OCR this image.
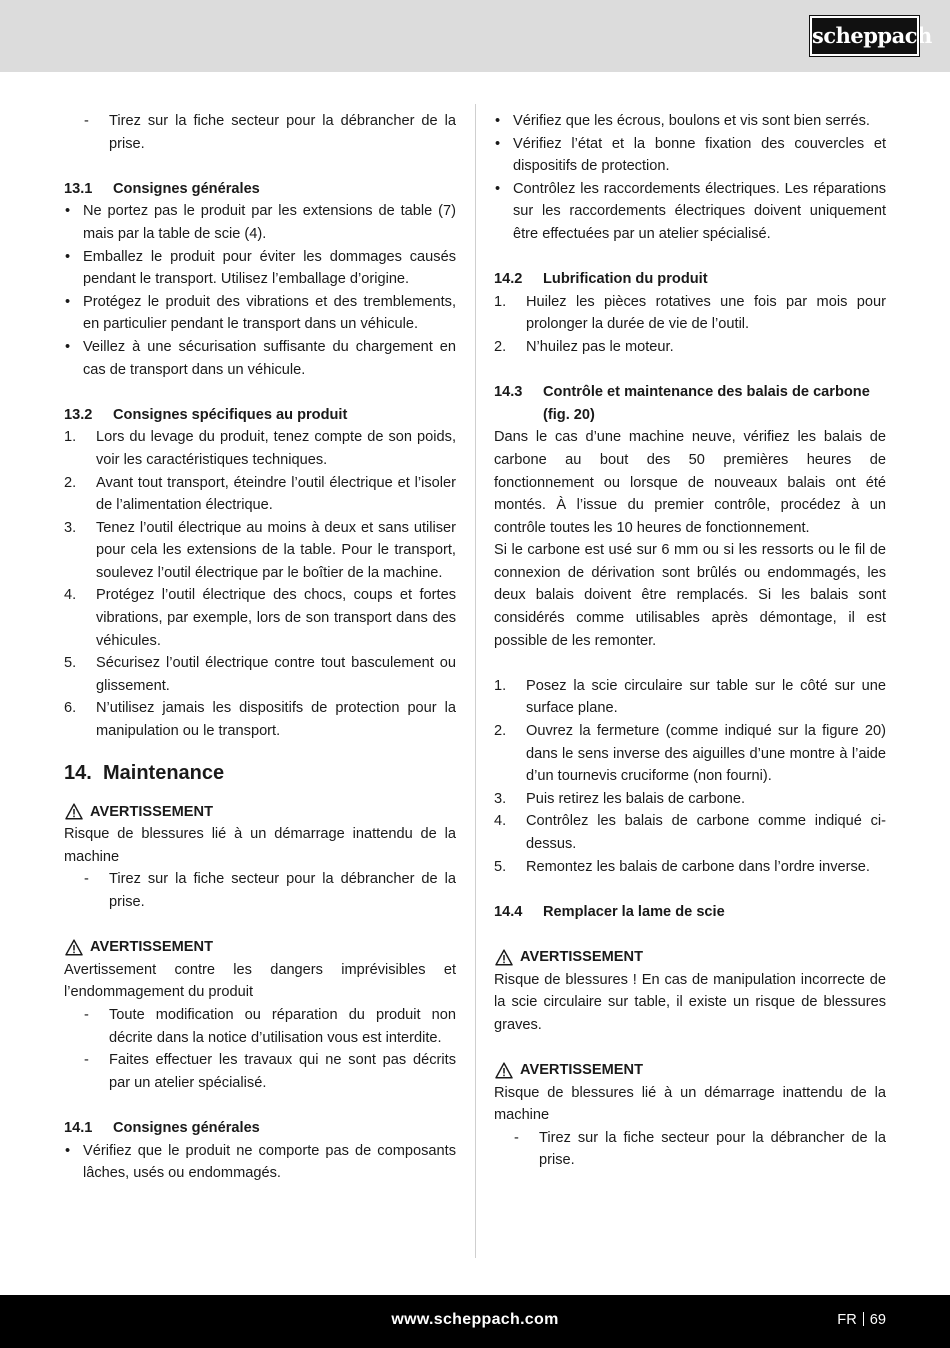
scheppach
- Tirez sur la fiche secteur pour la débrancher de la prise.
13.1	Consignes générales
• Ne portez pas le produit par les extensions de table (7) mais par la table de scie (4).
• Emballez le produit pour éviter les dommages causés pendant le transport. Utilisez l’emballage d’origine.
• Protégez le produit des vibrations et des tremblements, en particulier pendant le transport dans un véhicule.
• Veillez à une sécurisation suffisante du chargement en cas de transport dans un véhicule.
13.2	Consignes spécifiques au produit
1. Lors du levage du produit, tenez compte de son poids, voir les caractéristiques techniques.
2. Avant tout transport, éteindre l’outil électrique et l’isoler de l’alimentation électrique.
3. Tenez l’outil électrique au moins à deux et sans utiliser pour cela les extensions de la table. Pour le transport, soulevez l’outil électrique par le boîtier de la machine.
4. Protégez l’outil électrique des chocs, coups et fortes vibrations, par exemple, lors de son transport dans des véhicules.
5. Sécurisez l’outil électrique contre tout basculement ou glissement.
6. N’utilisez jamais les dispositifs de protection pour la manipulation ou le transport.
14. Maintenance
AVERTISSEMENT

Risque de blessures lié à un démarrage inattendu de la machine

- Tirez sur la fiche secteur pour la débrancher de la prise.
AVERTISSEMENT

Avertissement contre les dangers imprévisibles et l’endommagement du produit

- Toute modification ou réparation du produit non décrite dans la notice d’utilisation vous est interdite.
- Faites effectuer les travaux qui ne sont pas décrits par un atelier spécialisé.
14.1	Consignes générales
• Vérifiez que le produit ne comporte pas de composants lâches, usés ou endommagés.
• Vérifiez que les écrous, boulons et vis sont bien serrés.
• Vérifiez l’état et la bonne fixation des couvercles et dispositifs de protection.
• Contrôlez les raccordements électriques. Les réparations sur les raccordements électriques doivent uniquement être effectuées par un atelier spécialisé.
14.2	Lubrification du produit
1. Huilez les pièces rotatives une fois par mois pour prolonger la durée de vie de l’outil.
2. N’huilez pas le moteur.
14.3	Contrôle et maintenance des balais de carbone (fig. 20)

Dans le cas d’une machine neuve, vérifiez les balais de carbone au bout des 50 premières heures de fonctionnement ou lorsque de nouveaux balais ont été montés. À l’issue du premier contrôle, procédez à un contrôle toutes les 10 heures de fonctionnement.

Si le carbone est usé sur 6 mm ou si les ressorts ou le fil de connexion de dérivation sont brûlés ou endommagés, les deux balais doivent être remplacés. Si les balais sont considérés comme utilisables après démontage, il est possible de les remonter.

1. Posez la scie circulaire sur table sur le côté sur une surface plane.
2. Ouvrez la fermeture (comme indiqué sur la figure 20) dans le sens inverse des aiguilles d’une montre à l’aide d’un tournevis cruciforme (non fourni).
3. Puis retirez les balais de carbone.
4. Contrôlez les balais de carbone comme indiqué ci-dessus.
5. Remontez les balais de carbone dans l’ordre inverse.
14.4	Remplacer la lame de scie
AVERTISSEMENT

Risque de blessures ! En cas de manipulation incorrecte de la scie circulaire sur table, il existe un risque de blessures graves.

AVERTISSEMENT

Risque de blessures lié à un démarrage inattendu de la machine

- Tirez sur la fiche secteur pour la débrancher de la prise.
www.scheppach.com	FR 69
